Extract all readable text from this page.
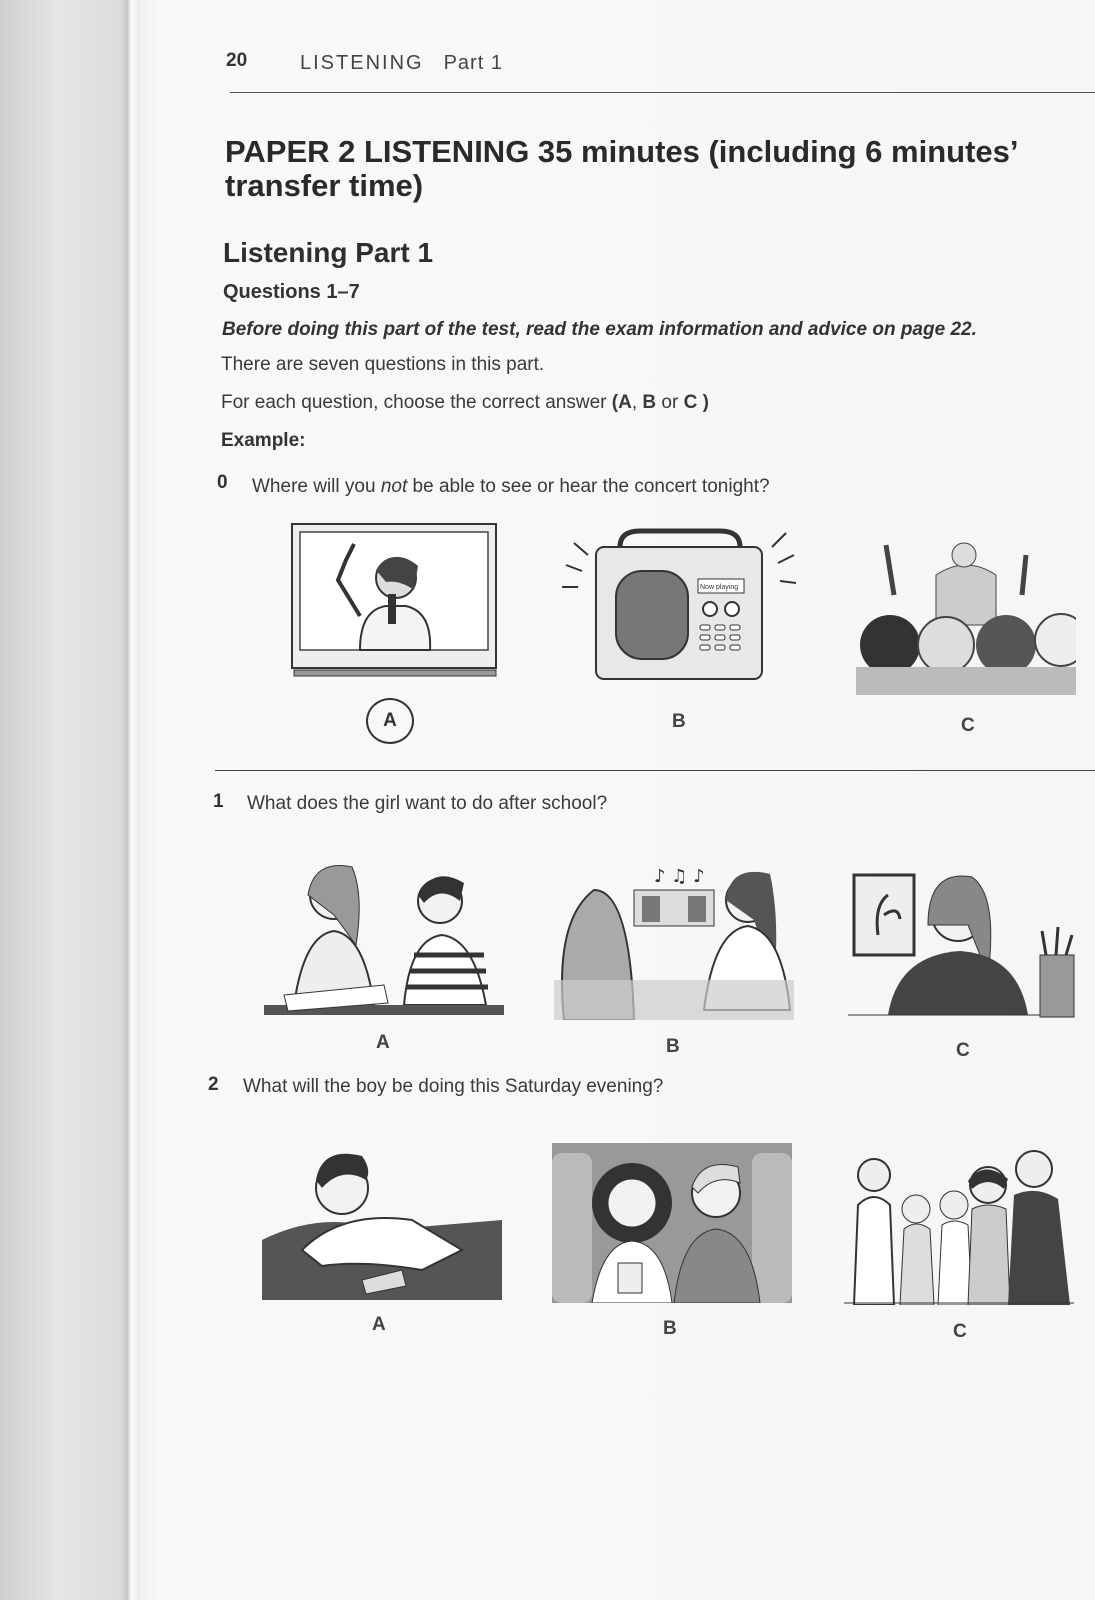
20	LISTENING Part 1
PAPER 2 LISTENING 35 minutes (including 6 minutes’ transfer time)
Listening Part 1
Questions 1–7
Before doing this part of the test, read the exam information and advice on page 22.
There are seven questions in this part.
For each question, choose the correct answer (A, B or C )
Example:
0 Where will you not be able to see or hear the concert tonight?
A
Now playing
B	C
1 What does the girl want to do after school?
♪ ♫ ♪
A	B	C
2 What will the boy be doing this Saturday evening?
A	B	C
